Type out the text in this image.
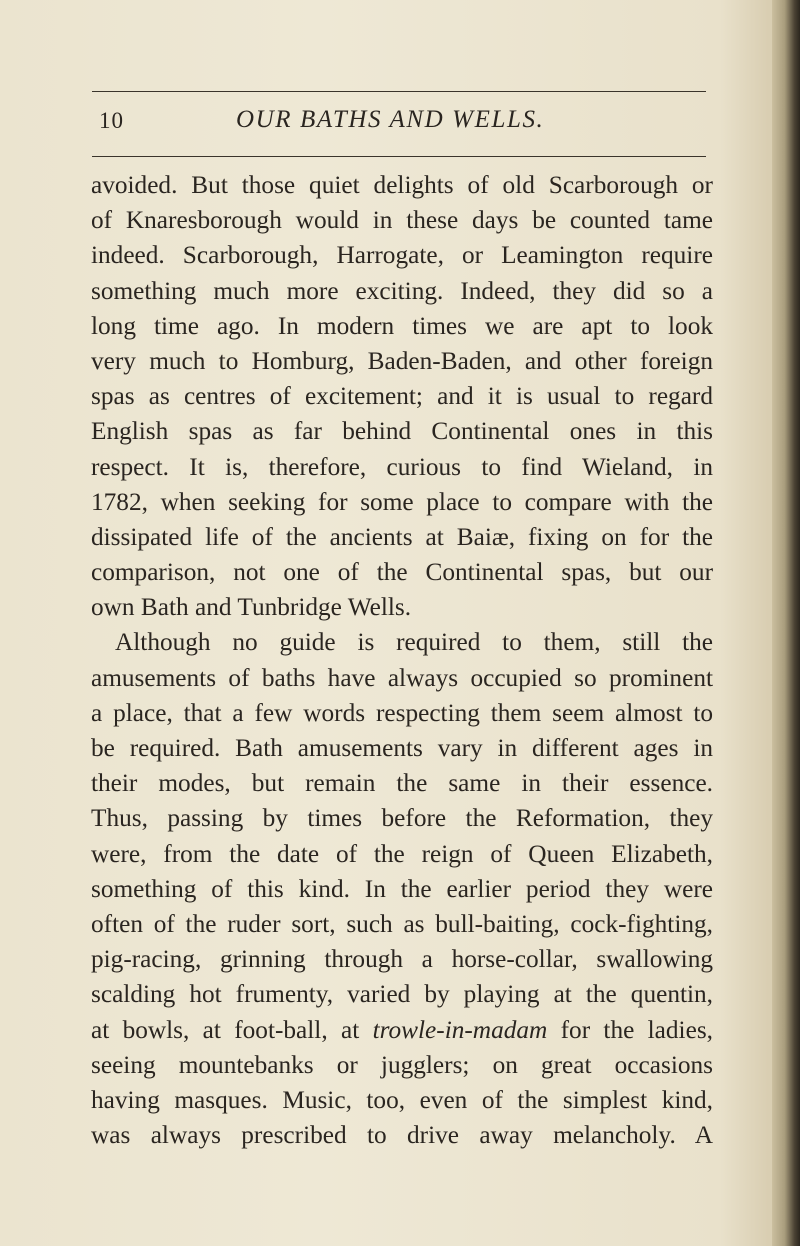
10	OUR BATHS AND WELLS.
avoided. But those quiet delights of old Scarborough or
of Knaresborough would in these days be counted tame
indeed. Scarborough, Harrogate, or Leamington require
something much more exciting. Indeed, they did so a
long time ago. In modern times we are apt to look
very much to Homburg, Baden-Baden, and other foreign
spas as centres of excitement; and it is usual to regard
English spas as far behind Continental ones in this
respect. It is, therefore, curious to find Wieland, in
1782, when seeking for some place to compare with the
dissipated life of the ancients at Baiæ, fixing on for the
comparison, not one of the Continental spas, but our
own Bath and Tunbridge Wells.
Although no guide is required to them, still the
amusements of baths have always occupied so prominent
a place, that a few words respecting them seem almost to
be required. Bath amusements vary in different ages in
their modes, but remain the same in their essence.
Thus, passing by times before the Reformation, they
were, from the date of the reign of Queen Elizabeth,
something of this kind. In the earlier period they were
often of the ruder sort, such as bull-baiting, cock-fighting,
pig-racing, grinning through a horse-collar, swallowing
scalding hot frumenty, varied by playing at the quentin,
at bowls, at foot-ball, at trowle-in-madam for the ladies,
seeing mountebanks or jugglers; on great occasions
having masques. Music, too, even of the simplest kind,
was always prescribed to drive away melancholy. A
